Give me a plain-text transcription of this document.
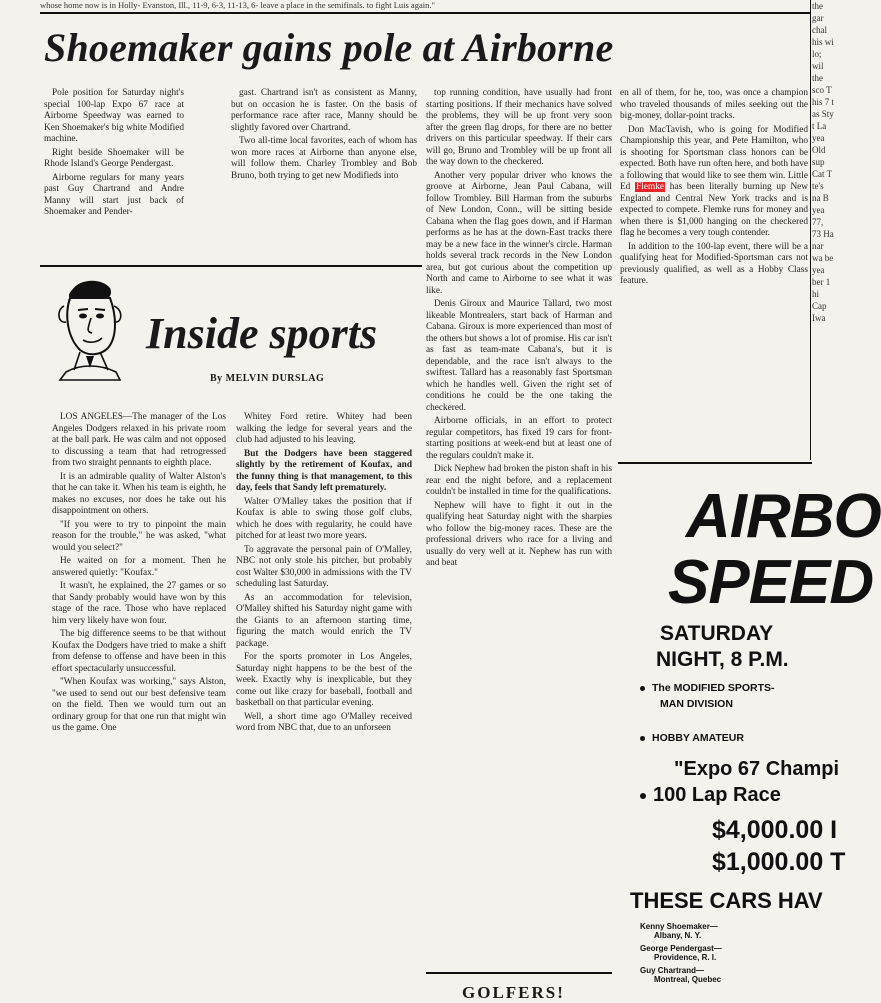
whose home now is in Holly- Evanston, Ill., 11-9, 6-3, 11-13, 6- leave a place in the semifinals. to fight Luis again."
Shoemaker gains pole at Airborne

Pole position for Saturday night's special 100-lap Expo 67 race at Airborne Speedway was earned to Ken Shoemaker's big white Modified machine.

Right beside Shoemaker will be Rhode Island's George Pendergast.

Airborne regulars for many years past Guy Chartrand and Andre Manny will start just back of Shoemaker and Pender-

gast. Chartrand isn't as consistent as Manny, but on occasion he is faster. On the basis of performance race after race, Manny should be slightly favored over Chartrand.

Two all-time local favorites, each of whom has won more races at Airborne than anyone else, will follow them. Charley Trombley and Bob Bruno, both trying to get new Modifieds into

top running condition, have usually had front starting positions. If their mechanics have solved the problems, they will be up front very soon after the green flag drops, for there are no better drivers on this particular speedway. If their cars will go, Bruno and Trombley will be up front all the way down to the checkered.

Another very popular driver who knows the groove at Airborne, Jean Paul Cabana, will follow Trombley. Bill Harman from the suburbs of New London, Conn., will be sitting beside Cabana when the flag goes down, and if Harman performs as he has at the down-East tracks there may be a new face in the winner's circle. Harman holds several track records in the New London area, but got curious about the competition up North and came to Airborne to see what it was like.

Denis Giroux and Maurice Tallard, two most likeable Montrealers, start back of Harman and Cabana. Giroux is more experienced than most of the others but shows a lot of promise. His car isn't as fast as team-mate Cabana's, but it is dependable, and the race isn't always to the swiftest. Tallard has a reasonably fast Sportsman which he handles well. Given the right set of conditions he could be the one taking the checkered.

Airborne officials, in an effort to protect regular competitors, has fixed 19 cars for front-starting positions at week-end but at least one of the regulars couldn't make it.

Dick Nephew had broken the piston shaft in his rear end the night before, and a replacement couldn't be installed in time for the qualifications.

Nephew will have to fight it out in the qualifying heat Saturday night with the sharpies who follow the big-money races. These are the professional drivers who race for a living and usually do very well at it. Nephew has run with and beat

en all of them, for he, too, was once a champion who traveled thousands of miles seeking out the big-money, dollar-point tracks.

Don MacTavish, who is going for Modified Championship this year, and Pete Hamilton, who is shooting for Sportsman class honors can be expected. Both have run often here, and both have a following that would like to see them win. Little Ed Flemke has been literally burning up New England and Central New York tracks and is expected to compete. Flemke runs for money and when there is $1,000 hanging on the checkered flag he becomes a very tough contender.

In addition to the 100-lap event, there will be a qualifying heat for Modified-Sportsman cars not previously qualified, as well as a Hobby Class feature.

the gar chal his wi lo; wil the sco T his 7 t as Sty t La yea Old sup Cat T te's na B yea 77, 73 Ha nar wa be yea ber 1 hi Cap Iwa
Inside sports
By MELVIN DURSLAG

LOS ANGELES—The manager of the Los Angeles Dodgers relaxed in his private room at the ball park. He was calm and not opposed to discussing a team that had retrogressed from two straight pennants to eighth place.

It is an admirable quality of Walter Alston's that he can take it. When his team is eighth, he makes no excuses, nor does he take out his disappointment on others.

"If you were to try to pinpoint the main reason for the trouble," he was asked, "what would you select?"

He waited on for a moment. Then he answered quietly: "Koufax."

It wasn't, he explained, the 27 games or so that Sandy probably would have won by this stage of the race. Those who have replaced him very likely have won four.

The big difference seems to be that without Koufax the Dodgers have tried to make a shift from defense to offense and have been in this effort spectacularly unsuccessful.

"When Koufax was working," says Alston, "we used to send out our best defensive team on the field. Then we would turn out an ordinary group for that one run that might win us the game. One

Whitey Ford retire. Whitey had been walking the ledge for several years and the club had adjusted to his leaving.

But the Dodgers have been staggered slightly by the retirement of Koufax, and the funny thing is that management, to this day, feels that Sandy left prematurely.

Walter O'Malley takes the position that if Koufax is able to swing those golf clubs, which he does with regularity, he could have pitched for at least two more years.

To aggravate the personal pain of O'Malley, NBC not only stole his pitcher, but probably cost Walter $30,000 in admissions with the TV scheduling last Saturday.

As an accommodation for television, O'Malley shifted his Saturday night game with the Giants to an afternoon starting time, figuring the match would enrich the TV package.

For the sports promoter in Los Angeles, Saturday night happens to be the best of the week. Exactly why is inexplicable, but they come out like crazy for baseball, football and basketball on that particular evening.

Well, a short time ago O'Malley received word from NBC that, due to an unforseen

GOLFERS!
AIRBO
SPEED
SATURDAY
NIGHT, 8 P.M.
The MODIFIED SPORTS-
MAN DIVISION
HOBBY AMATEUR
"Expo 67 Champi
100 Lap Race
$4,000.00 I
$1,000.00 T
THESE CARS HAV
Kenny Shoemaker—
Albany, N. Y.
George Pendergast—
Providence, R. I.
Guy Chartrand—
Montreal, Quebec
